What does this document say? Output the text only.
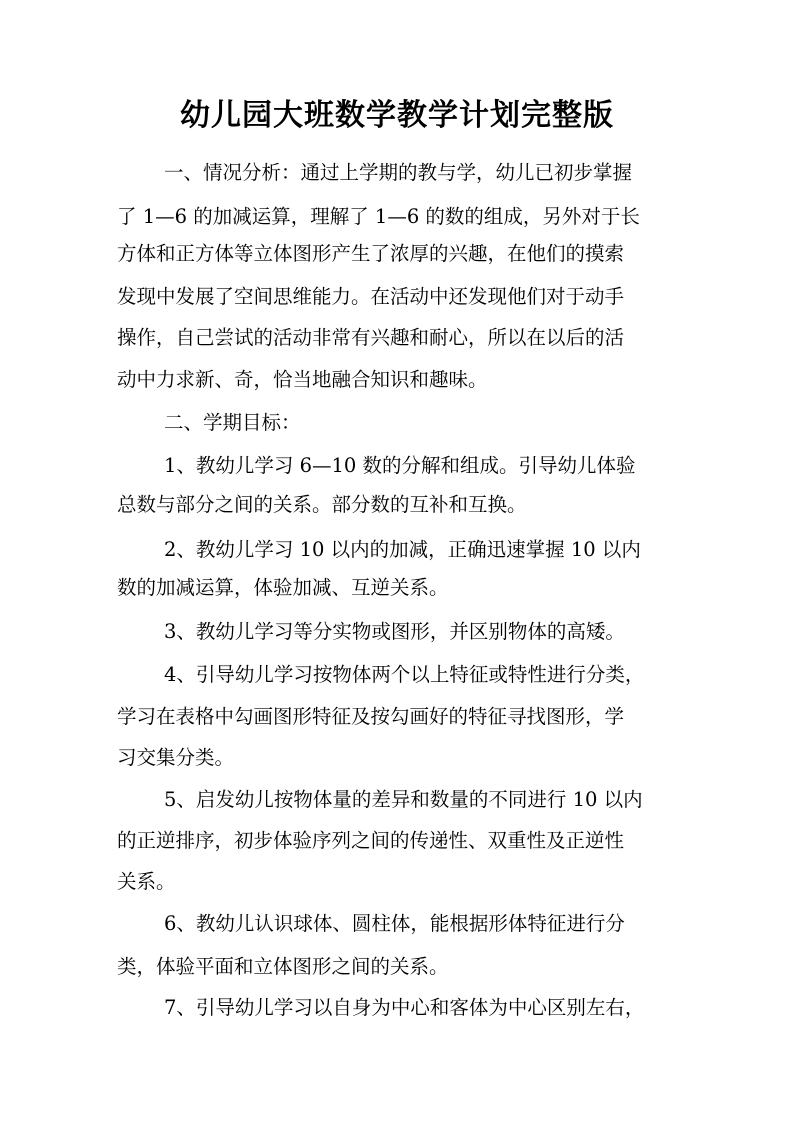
幼儿园大班数学教学计划完整版
一、情况分析：通过上学期的教与学，幼儿已初步掌握
了 1—6 的加减运算，理解了 1—6 的数的组成，另外对于长
方体和正方体等立体图形产生了浓厚的兴趣，在他们的摸索
发现中发展了空间思维能力。在活动中还发现他们对于动手
操作，自己尝试的活动非常有兴趣和耐心，所以在以后的活
动中力求新、奇，恰当地融合知识和趣味。
二、学期目标：
1、教幼儿学习 6—10 数的分解和组成。引导幼儿体验
总数与部分之间的关系。部分数的互补和互换。
2、教幼儿学习 10 以内的加减，正确迅速掌握 10 以内
数的加减运算，体验加减、互逆关系。
3、教幼儿学习等分实物或图形，并区别物体的高矮。
4、引导幼儿学习按物体两个以上特征或特性进行分类，
学习在表格中勾画图形特征及按勾画好的特征寻找图形，学
习交集分类。
5、启发幼儿按物体量的差异和数量的不同进行 10 以内
的正逆排序，初步体验序列之间的传递性、双重性及正逆性
关系。
6、教幼儿认识球体、圆柱体，能根据形体特征进行分
类，体验平面和立体图形之间的关系。
7、引导幼儿学习以自身为中心和客体为中心区别左右，
